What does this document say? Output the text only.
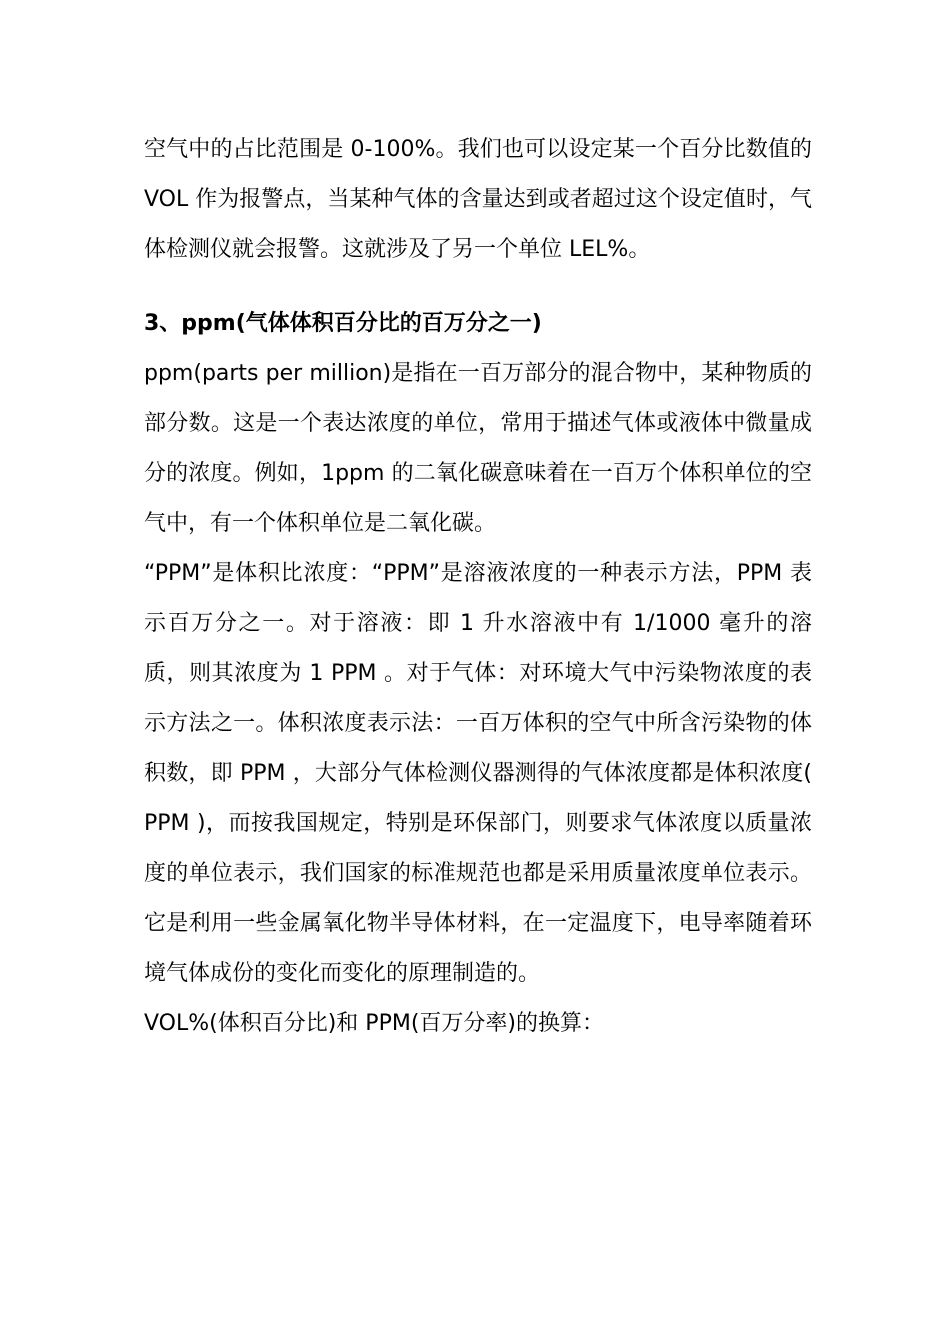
空气中的占比范围是 0-100%。我们也可以设定某一个百分比数值的 VOL 作为报警点，当某种气体的含量达到或者超过这个设定值时，气体检测仪就会报警。这就涉及了另一个单位 LEL%。

3、ppm(气体体积百分比的百万分之一)

ppm(parts per million)是指在一百万部分的混合物中，某种物质的部分数。这是一个表达浓度的单位，常用于描述气体或液体中微量成分的浓度。例如，1ppm 的二氧化碳意味着在一百万个体积单位的空气中，有一个体积单位是二氧化碳。

“PPM”是体积比浓度：“PPM”是溶液浓度的一种表示方法，PPM 表示百万分之一。对于溶液：即 1 升水溶液中有 1/1000 毫升的溶质，则其浓度为 1 PPM 。对于气体：对环境大气中污染物浓度的表示方法之一。体积浓度表示法：一百万体积的空气中所含污染物的体积数，即 PPM ，大部分气体检测仪器测得的气体浓度都是体积浓度( PPM )，而按我国规定，特别是环保部门，则要求气体浓度以质量浓度的单位表示，我们国家的标准规范也都是采用质量浓度单位表示。它是利用一些金属氧化物半导体材料，在一定温度下，电导率随着环境气体成份的变化而变化的原理制造的。

VOL%(体积百分比)和 PPM(百万分率)的换算：
